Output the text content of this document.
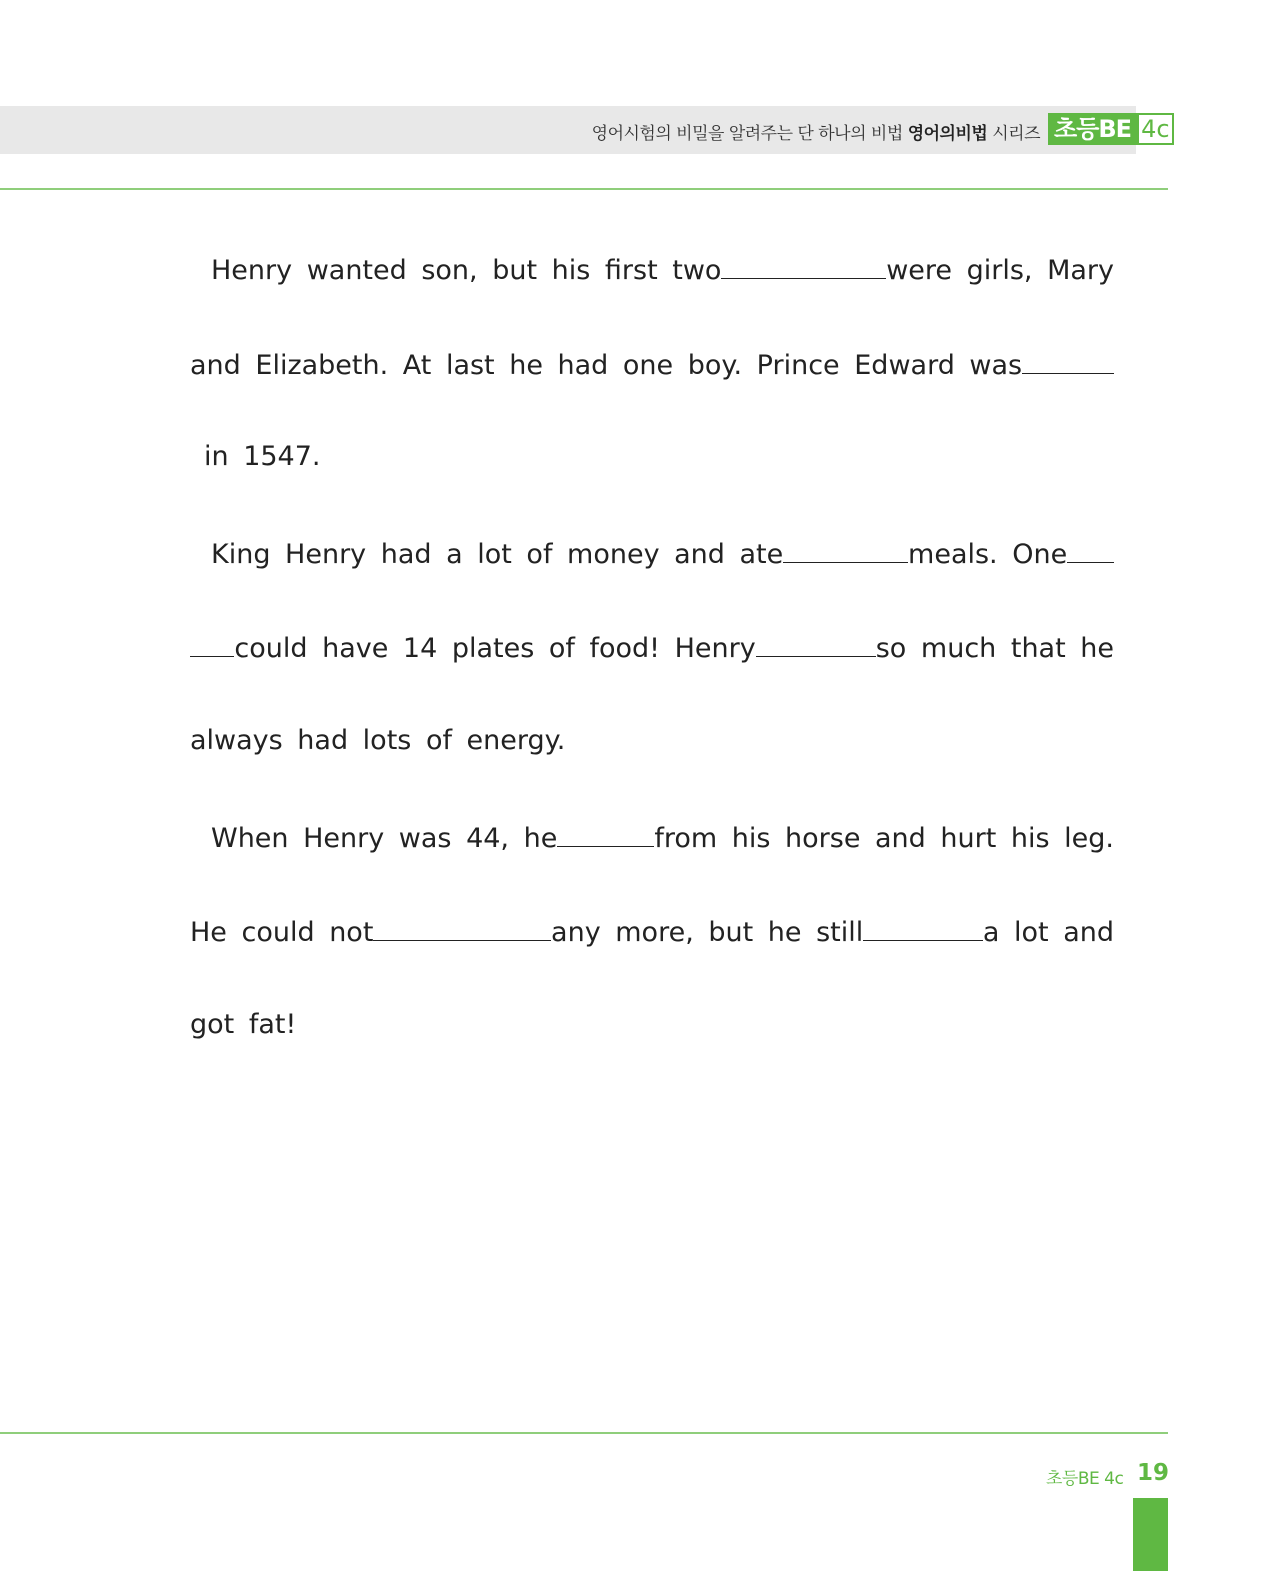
영어시험의 비밀을 알려주는 단 하나의 비법 영어의비법 시리즈 초등BE 4c
Henry wanted son, but his first two	were girls, Mary
and Elizabeth. At last he had one boy. Prince Edward was
in 1547.
King Henry had a lot of money and ate	meals. One
could have 14 plates of food! Henry	so much that he
always had lots of energy.
When Henry was 44, he	from his horse and hurt his leg.
He could not	any more, but he still	a lot and
got fat!
초등BE 4c 19
